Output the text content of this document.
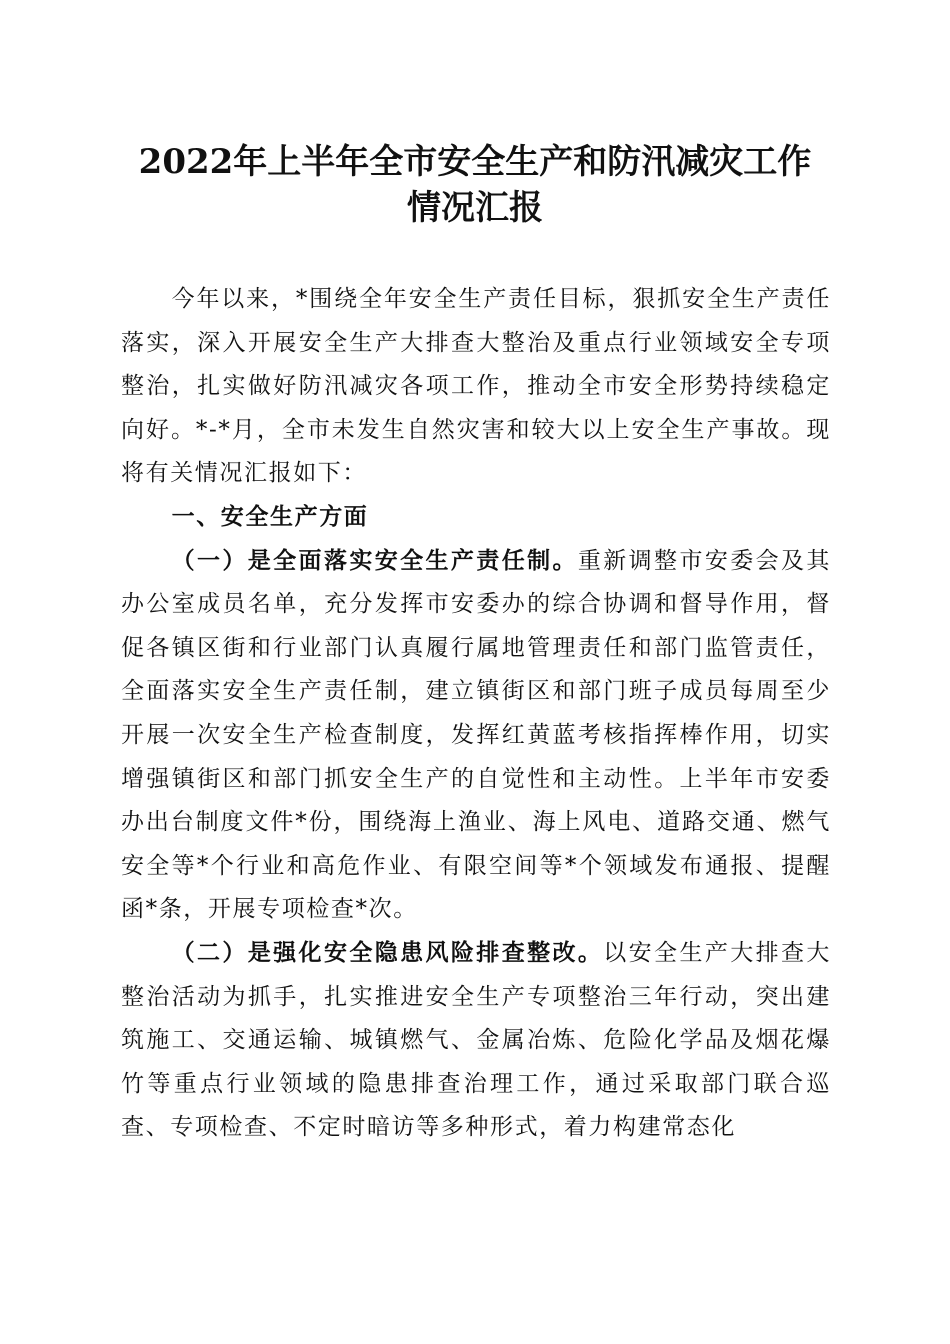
2022年上半年全市安全生产和防汛减灾工作
情况汇报

今年以来，*围绕全年安全生产责任目标，狠抓安全生产责任落实，深入开展安全生产大排查大整治及重点行业领域安全专项整治，扎实做好防汛减灾各项工作，推动全市安全形势持续稳定向好。*-*月，全市未发生自然灾害和较大以上安全生产事故。现将有关情况汇报如下：

一、安全生产方面

（一）是全面落实安全生产责任制。重新调整市安委会及其办公室成员名单，充分发挥市安委办的综合协调和督导作用，督促各镇区街和行业部门认真履行属地管理责任和部门监管责任，全面落实安全生产责任制，建立镇街区和部门班子成员每周至少开展一次安全生产检查制度，发挥红黄蓝考核指挥棒作用，切实增强镇街区和部门抓安全生产的自觉性和主动性。上半年市安委办出台制度文件*份，围绕海上渔业、海上风电、道路交通、燃气安全等*个行业和高危作业、有限空间等*个领域发布通报、提醒函*条，开展专项检查*次。

（二）是强化安全隐患风险排查整改。以安全生产大排查大整治活动为抓手，扎实推进安全生产专项整治三年行动，突出建筑施工、交通运输、城镇燃气、金属冶炼、危险化学品及烟花爆竹等重点行业领域的隐患排查治理工作，通过采取部门联合巡查、专项检查、不定时暗访等多种形式，着力构建常态化
